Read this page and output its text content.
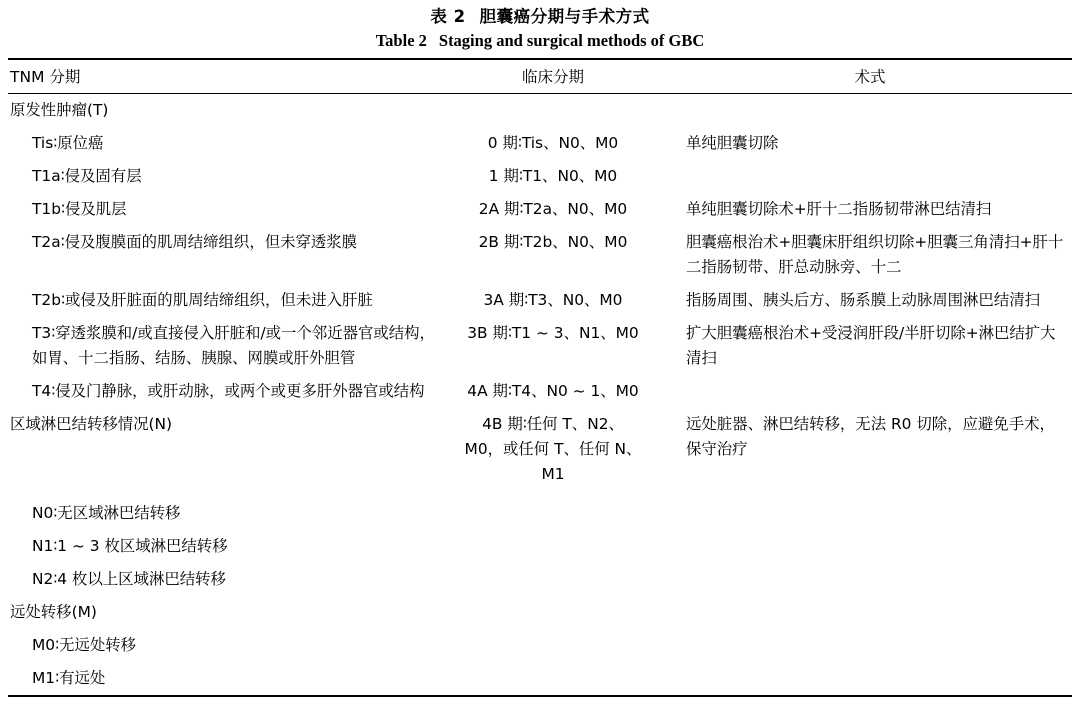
表 2 胆囊癌分期与手术方式
Table 2 Staging and surgical methods of GBC
TNM 分期	临床分期	术式

原发性肿瘤(T)		

Tis∶原位癌	0 期∶Tis、N0、M0	单纯胆囊切除

T1a∶侵及固有层	1 期∶T1、N0、M0	

T1b∶侵及肌层	2A 期∶T2a、N0、M0	单纯胆囊切除术+肝十二指肠韧带淋巴结清扫

T2a∶侵及腹膜面的肌周结缔组织，但未穿透浆膜	2B 期∶T2b、N0、M0	胆囊癌根治术+胆囊床肝组织切除+胆囊三角清扫+肝十二指肠韧带、肝总动脉旁、十二

T2b∶或侵及肝脏面的肌周结缔组织，但未进入肝脏	3A 期∶T3、N0、M0	指肠周围、胰头后方、肠系膜上动脉周围淋巴结清扫

T3∶穿透浆膜和/或直接侵入肝脏和/或一个邻近器官或结构，如胃、十二指肠、结肠、胰腺、网膜或肝外胆管	3B 期∶T1 ~ 3、N1、M0	扩大胆囊癌根治术+受浸润肝段/半肝切除+淋巴结扩大清扫

T4∶侵及门静脉，或肝动脉，或两个或更多肝外器官或结构	4A 期∶T4、N0 ~ 1、M0	

区域淋巴结转移情况(N)	4B 期∶任何 T、N2、M0，或任何 T、任何 N、M1	远处脏器、淋巴结转移，无法 R0 切除，应避免手术，保守治疗

N0∶无区域淋巴结转移		

N1∶1 ~ 3 枚区域淋巴结转移		

N2∶4 枚以上区域淋巴结转移		

远处转移(M)		

M0∶无远处转移		

M1∶有远处		
